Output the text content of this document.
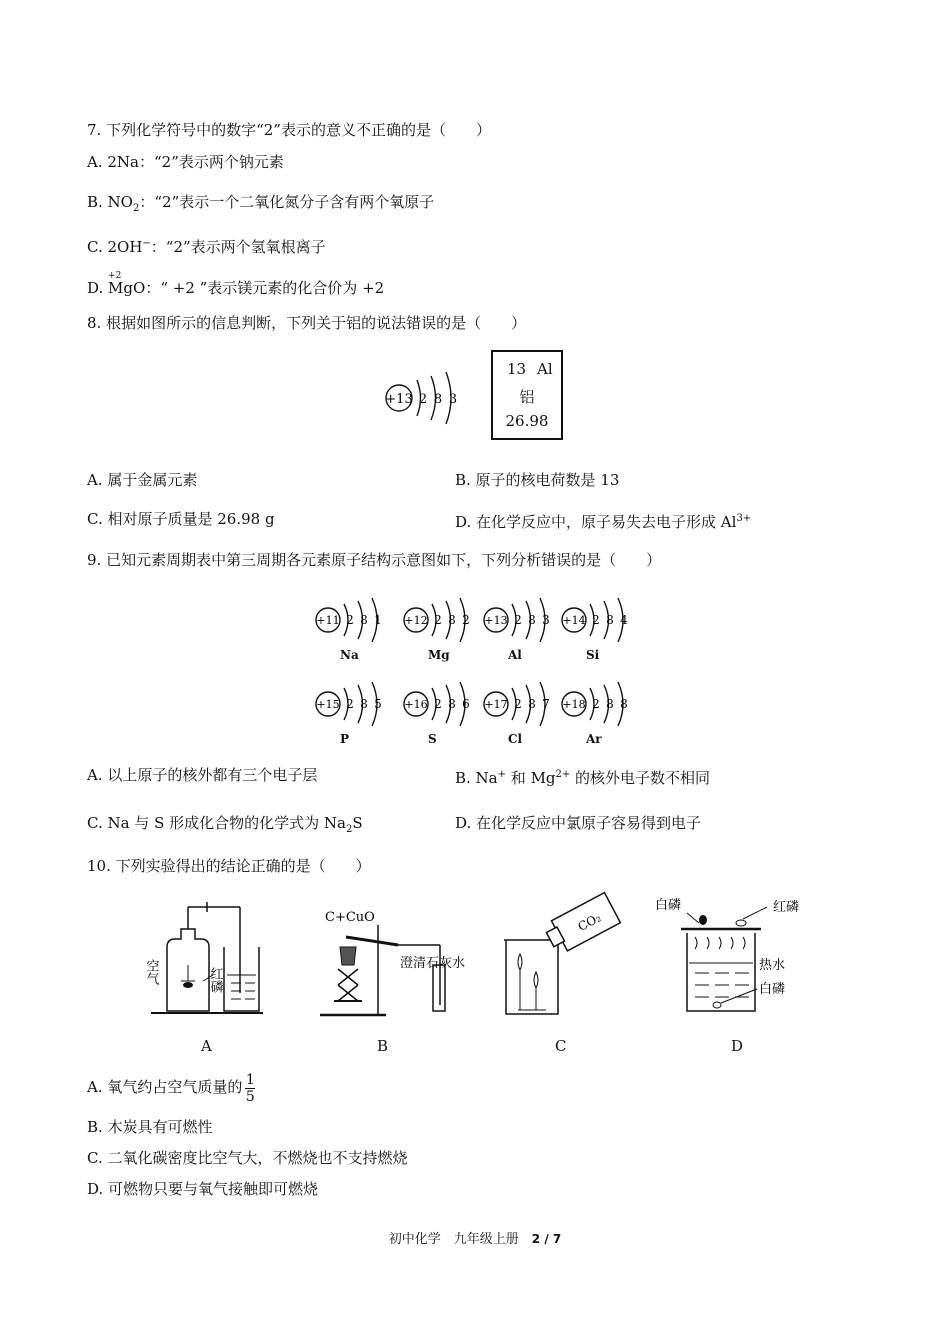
7. 下列化学符号中的数字“2”表示的意义不正确的是（　　）
A. 2Na：“2”表示两个钠元素
B. $NO_2$：“2”表示一个二氧化氮分子含有两个氧原子
C. 2OH−：“2”表示两个氢氧根离子
D.
+2
MgO：“ +2 ”表示镁元素的化合价为 +2
8. 根据如图所示的信息判断，下列关于铝的说法错误的是（　　）
+13 2 8 3
13 Al
铝
26.98
A. 属于金属元素	B. 原子的核电荷数是 13
C. 相对原子质量是 26.98 g	D. 在化学反应中，原子易失去电子形成 $Al^{3+}$
9. 已知元素周期表中第三周期各元素原子结构示意图如下，下列分析错误的是（　　）
+11 2 8 1
Na
+12 2 8 2
Mg
+13 2 8 3
Al
+14 2 8 4
Si
+15 2 8 5
P
+16 2 8 6
S
+17 2 8 7
Cl
+18 2 8 8
Ar
A. 以上原子的核外都有三个电子层	B. Na+ 和 $Mg^{2+}$ 的核外电子数不相同
C. Na 与 S 形成化合物的化学式为 $Na_2S$	D. 在化学反应中氯原子容易得到电子
10. 下列实验得出的结论正确的是（　　）
空气	红磷
C+CuO
澄清石灰水
CO₂
白磷	红磷
热水
白磷
A	B	C	D
A. 氧气约占空气质量的 $\frac{1}{5}$
B. 木炭具有可燃性
C. 二氧化碳密度比空气大，不燃烧也不支持燃烧
D. 可燃物只要与氧气接触即可燃烧
初中化学　九年级上册　 2 / 7
